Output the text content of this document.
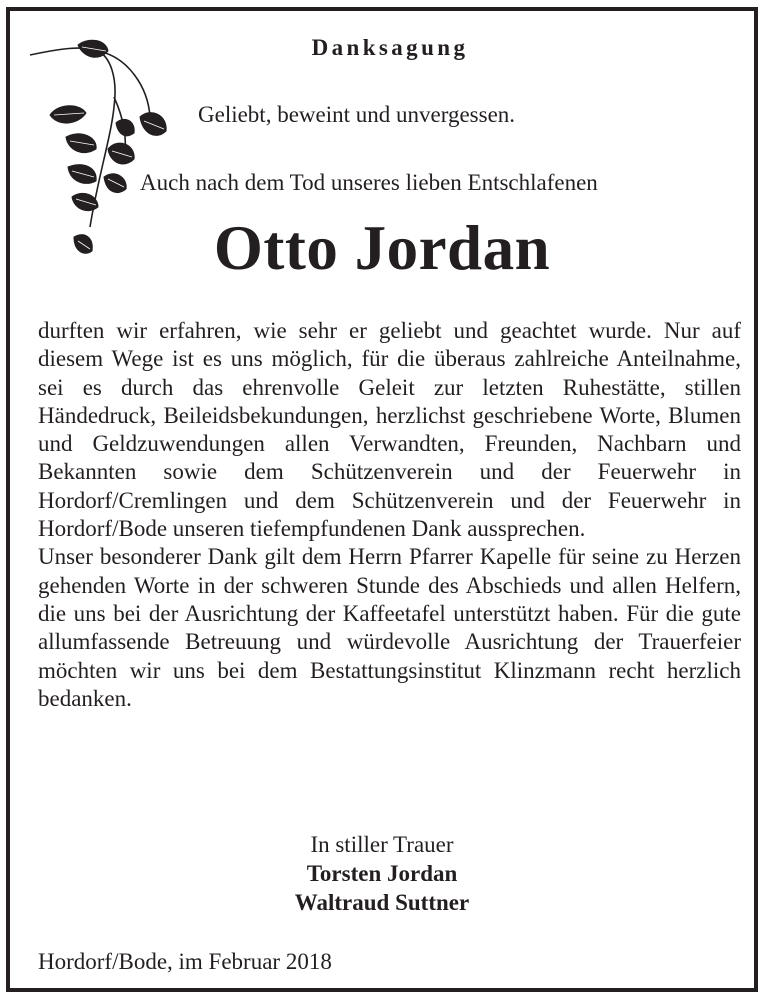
Danksagung
Geliebt, beweint und unvergessen.
Auch nach dem Tod unseres lieben Entschlafenen
Otto Jordan

durften wir erfahren, wie sehr er geliebt und geachtet wurde. Nur auf diesem Wege ist es uns möglich, für die überaus zahlreiche Anteilnahme, sei es durch das ehrenvolle Geleit zur letzten Ruhestätte, stillen Händedruck, Beileidsbekundungen, herzlichst geschriebene Worte, Blumen und Geldzuwendungen allen Verwandten, Freunden, Nachbarn und Bekannten sowie dem Schützenverein und der Feuerwehr in Hordorf/Cremlingen und dem Schützenverein und der Feuerwehr in Hordorf/Bode unseren tiefempfundenen Dank aussprechen.

Unser besonderer Dank gilt dem Herrn Pfarrer Kapelle für seine zu Herzen gehenden Worte in der schweren Stunde des Abschieds und allen Helfern, die uns bei der Ausrichtung der Kaffeetafel unterstützt haben. Für die gute allumfassende Betreuung und würdevolle Ausrichtung der Trauerfeier möchten wir uns bei dem Bestattungsinstitut Klinzmann recht herzlich bedanken.

In stiller Trauer
Torsten Jordan
Waltraud Suttner
Hordorf/Bode, im Februar 2018
